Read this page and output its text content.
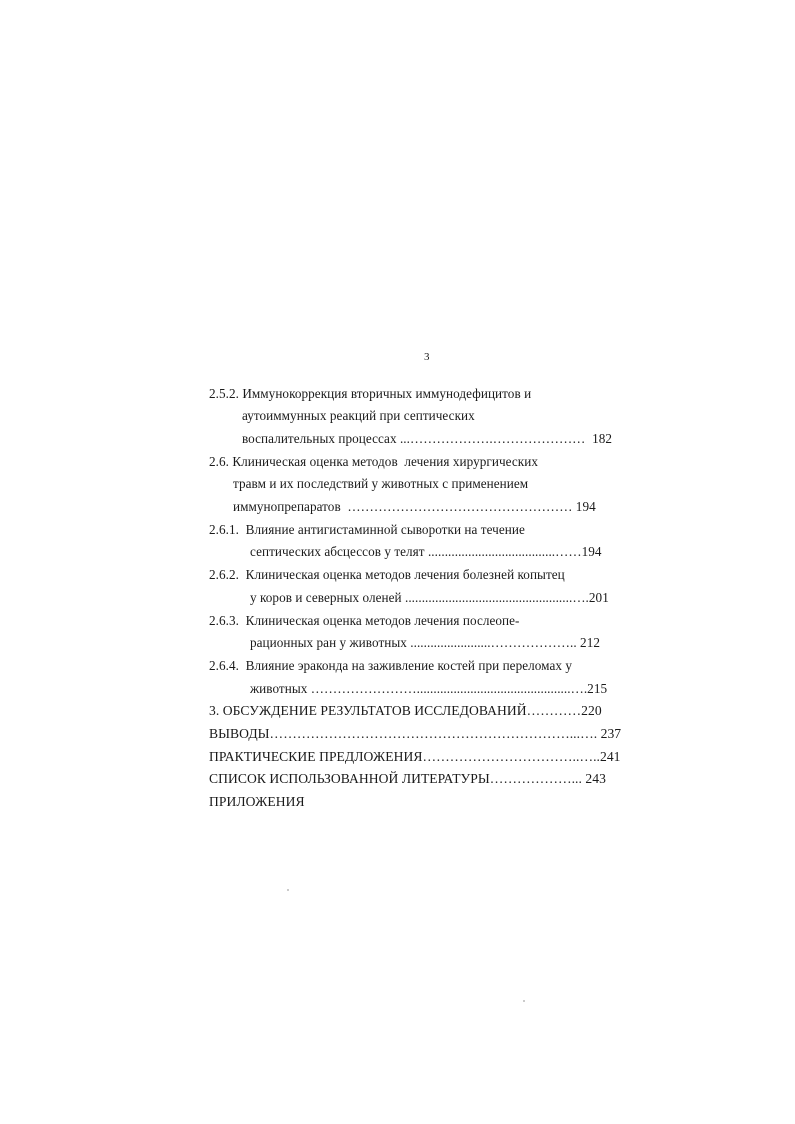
3
2.5.2. Иммунокоррекция вторичных иммунодефицитов и
аутоиммунных реакций при септических
воспалительных процессах ...……………….…………………  182
2.6. Клиническая оценка методов  лечения хирургических
травм и их последствий у животных с применением
иммунопрепаратов  …………………………………………… 194
2.6.1.  Влияние антигистаминной сыворотки на течение
септических абсцессов у телят ......................................……194
2.6.2.  Клиническая оценка методов лечения болезней копытец
у коров и северных оленей ..................................................….201
2.6.3.  Клиническая оценка методов лечения послеопе-
рационных ран у животных ........................……………….. 212
2.6.4.  Влияние эраконда на заживление костей при переломах у
животных ……………………..............................................….215
3. ОБСУЖДЕНИЕ РЕЗУЛЬТАТОВ ИССЛЕДОВАНИЙ…………220
ВЫВОДЫ…………………………………………………………...…. 237
ПРАКТИЧЕСКИЕ ПРЕДЛОЖЕНИЯ……………………………..…..241
СПИСОК ИСПОЛЬЗОВАННОЙ ЛИТЕРАТУРЫ………………... 243
ПРИЛОЖЕНИЯ
